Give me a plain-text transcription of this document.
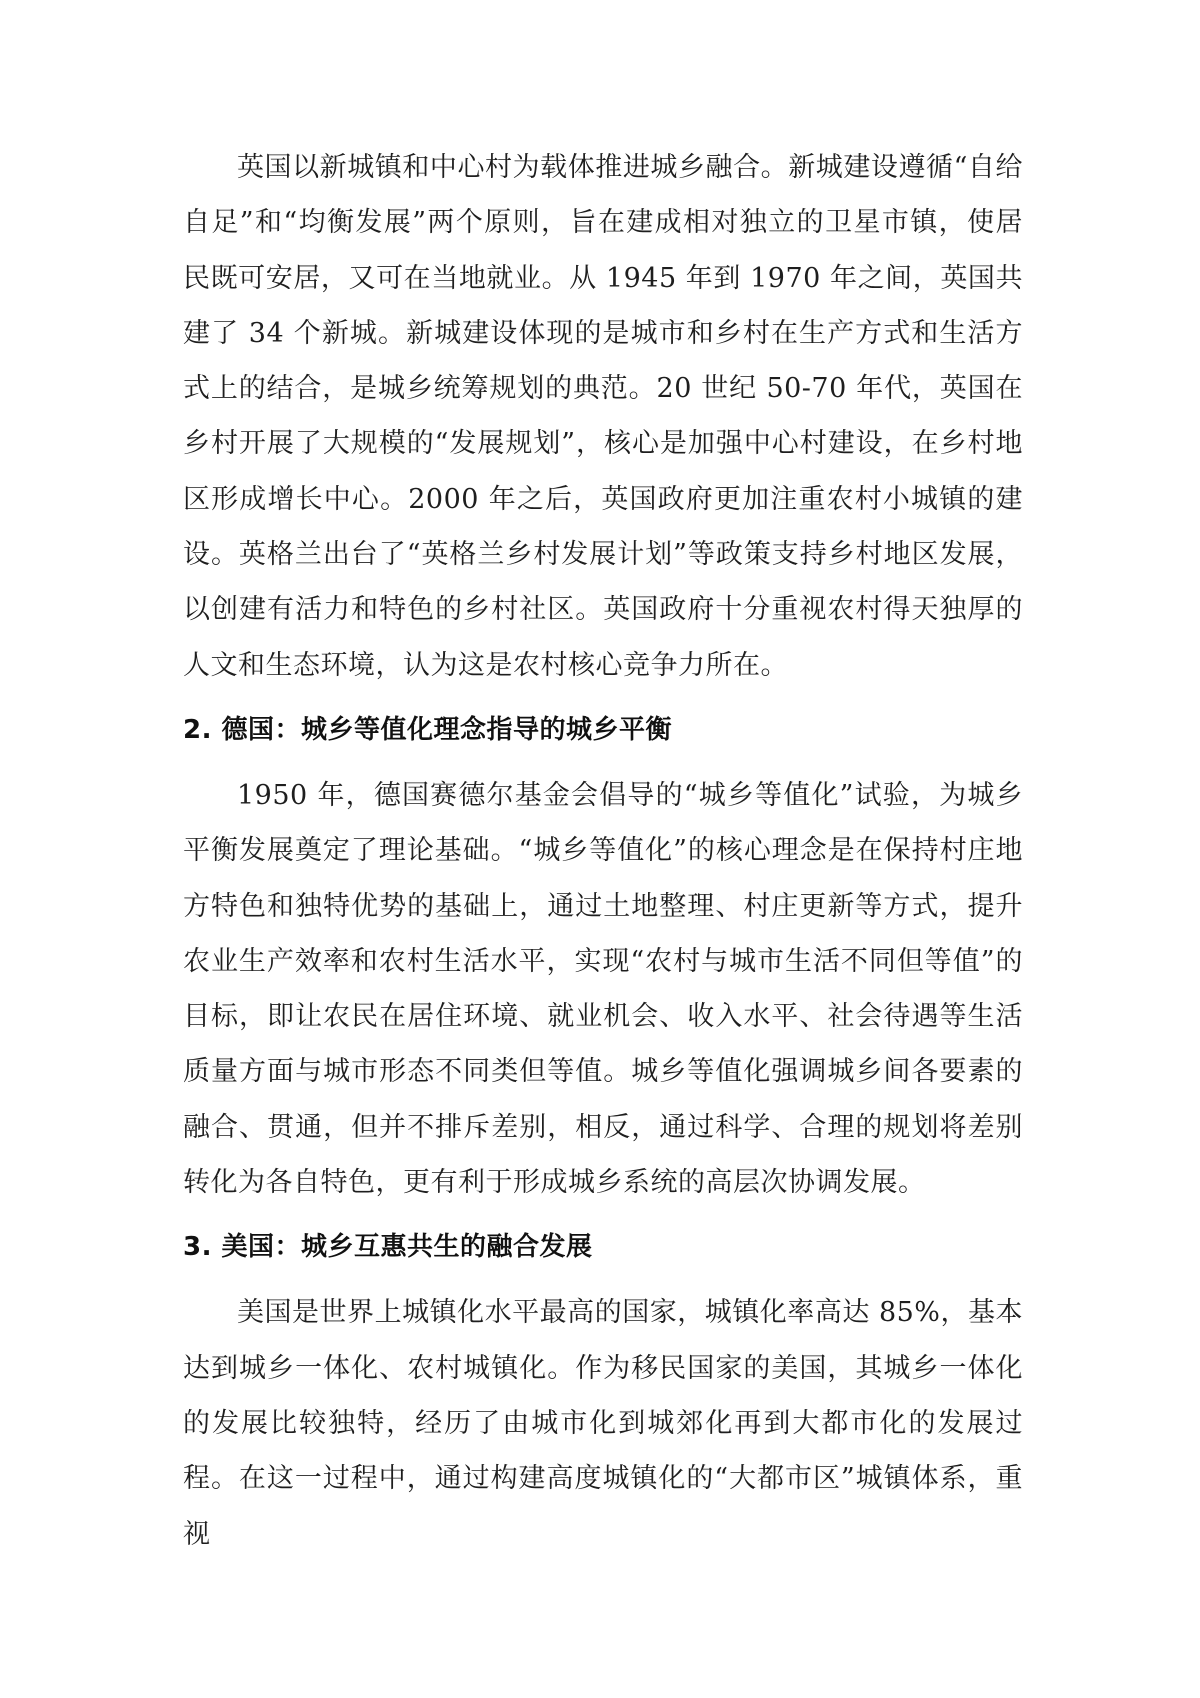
英国以新城镇和中心村为载体推进城乡融合。新城建设遵循“自给自足”和“均衡发展”两个原则，旨在建成相对独立的卫星市镇，使居民既可安居，又可在当地就业。从 1945 年到 1970 年之间，英国共建了 34 个新城。新城建设体现的是城市和乡村在生产方式和生活方式上的结合，是城乡统筹规划的典范。20 世纪 50-70 年代，英国在乡村开展了大规模的“发展规划”，核心是加强中心村建设，在乡村地区形成增长中心。2000 年之后，英国政府更加注重农村小城镇的建设。英格兰出台了“英格兰乡村发展计划”等政策支持乡村地区发展，以创建有活力和特色的乡村社区。英国政府十分重视农村得天独厚的人文和生态环境，认为这是农村核心竞争力所在。

2. 德国：城乡等值化理念指导的城乡平衡

1950 年，德国赛德尔基金会倡导的“城乡等值化”试验，为城乡平衡发展奠定了理论基础。“城乡等值化”的核心理念是在保持村庄地方特色和独特优势的基础上，通过土地整理、村庄更新等方式，提升农业生产效率和农村生活水平，实现“农村与城市生活不同但等值”的目标，即让农民在居住环境、就业机会、收入水平、社会待遇等生活质量方面与城市形态不同类但等值。城乡等值化强调城乡间各要素的融合、贯通，但并不排斥差别，相反，通过科学、合理的规划将差别转化为各自特色，更有利于形成城乡系统的高层次协调发展。

3. 美国：城乡互惠共生的融合发展

美国是世界上城镇化水平最高的国家，城镇化率高达 85%，基本达到城乡一体化、农村城镇化。作为移民国家的美国，其城乡一体化的发展比较独特，经历了由城市化到城郊化再到大都市化的发展过程。在这一过程中，通过构建高度城镇化的“大都市区”城镇体系，重视
